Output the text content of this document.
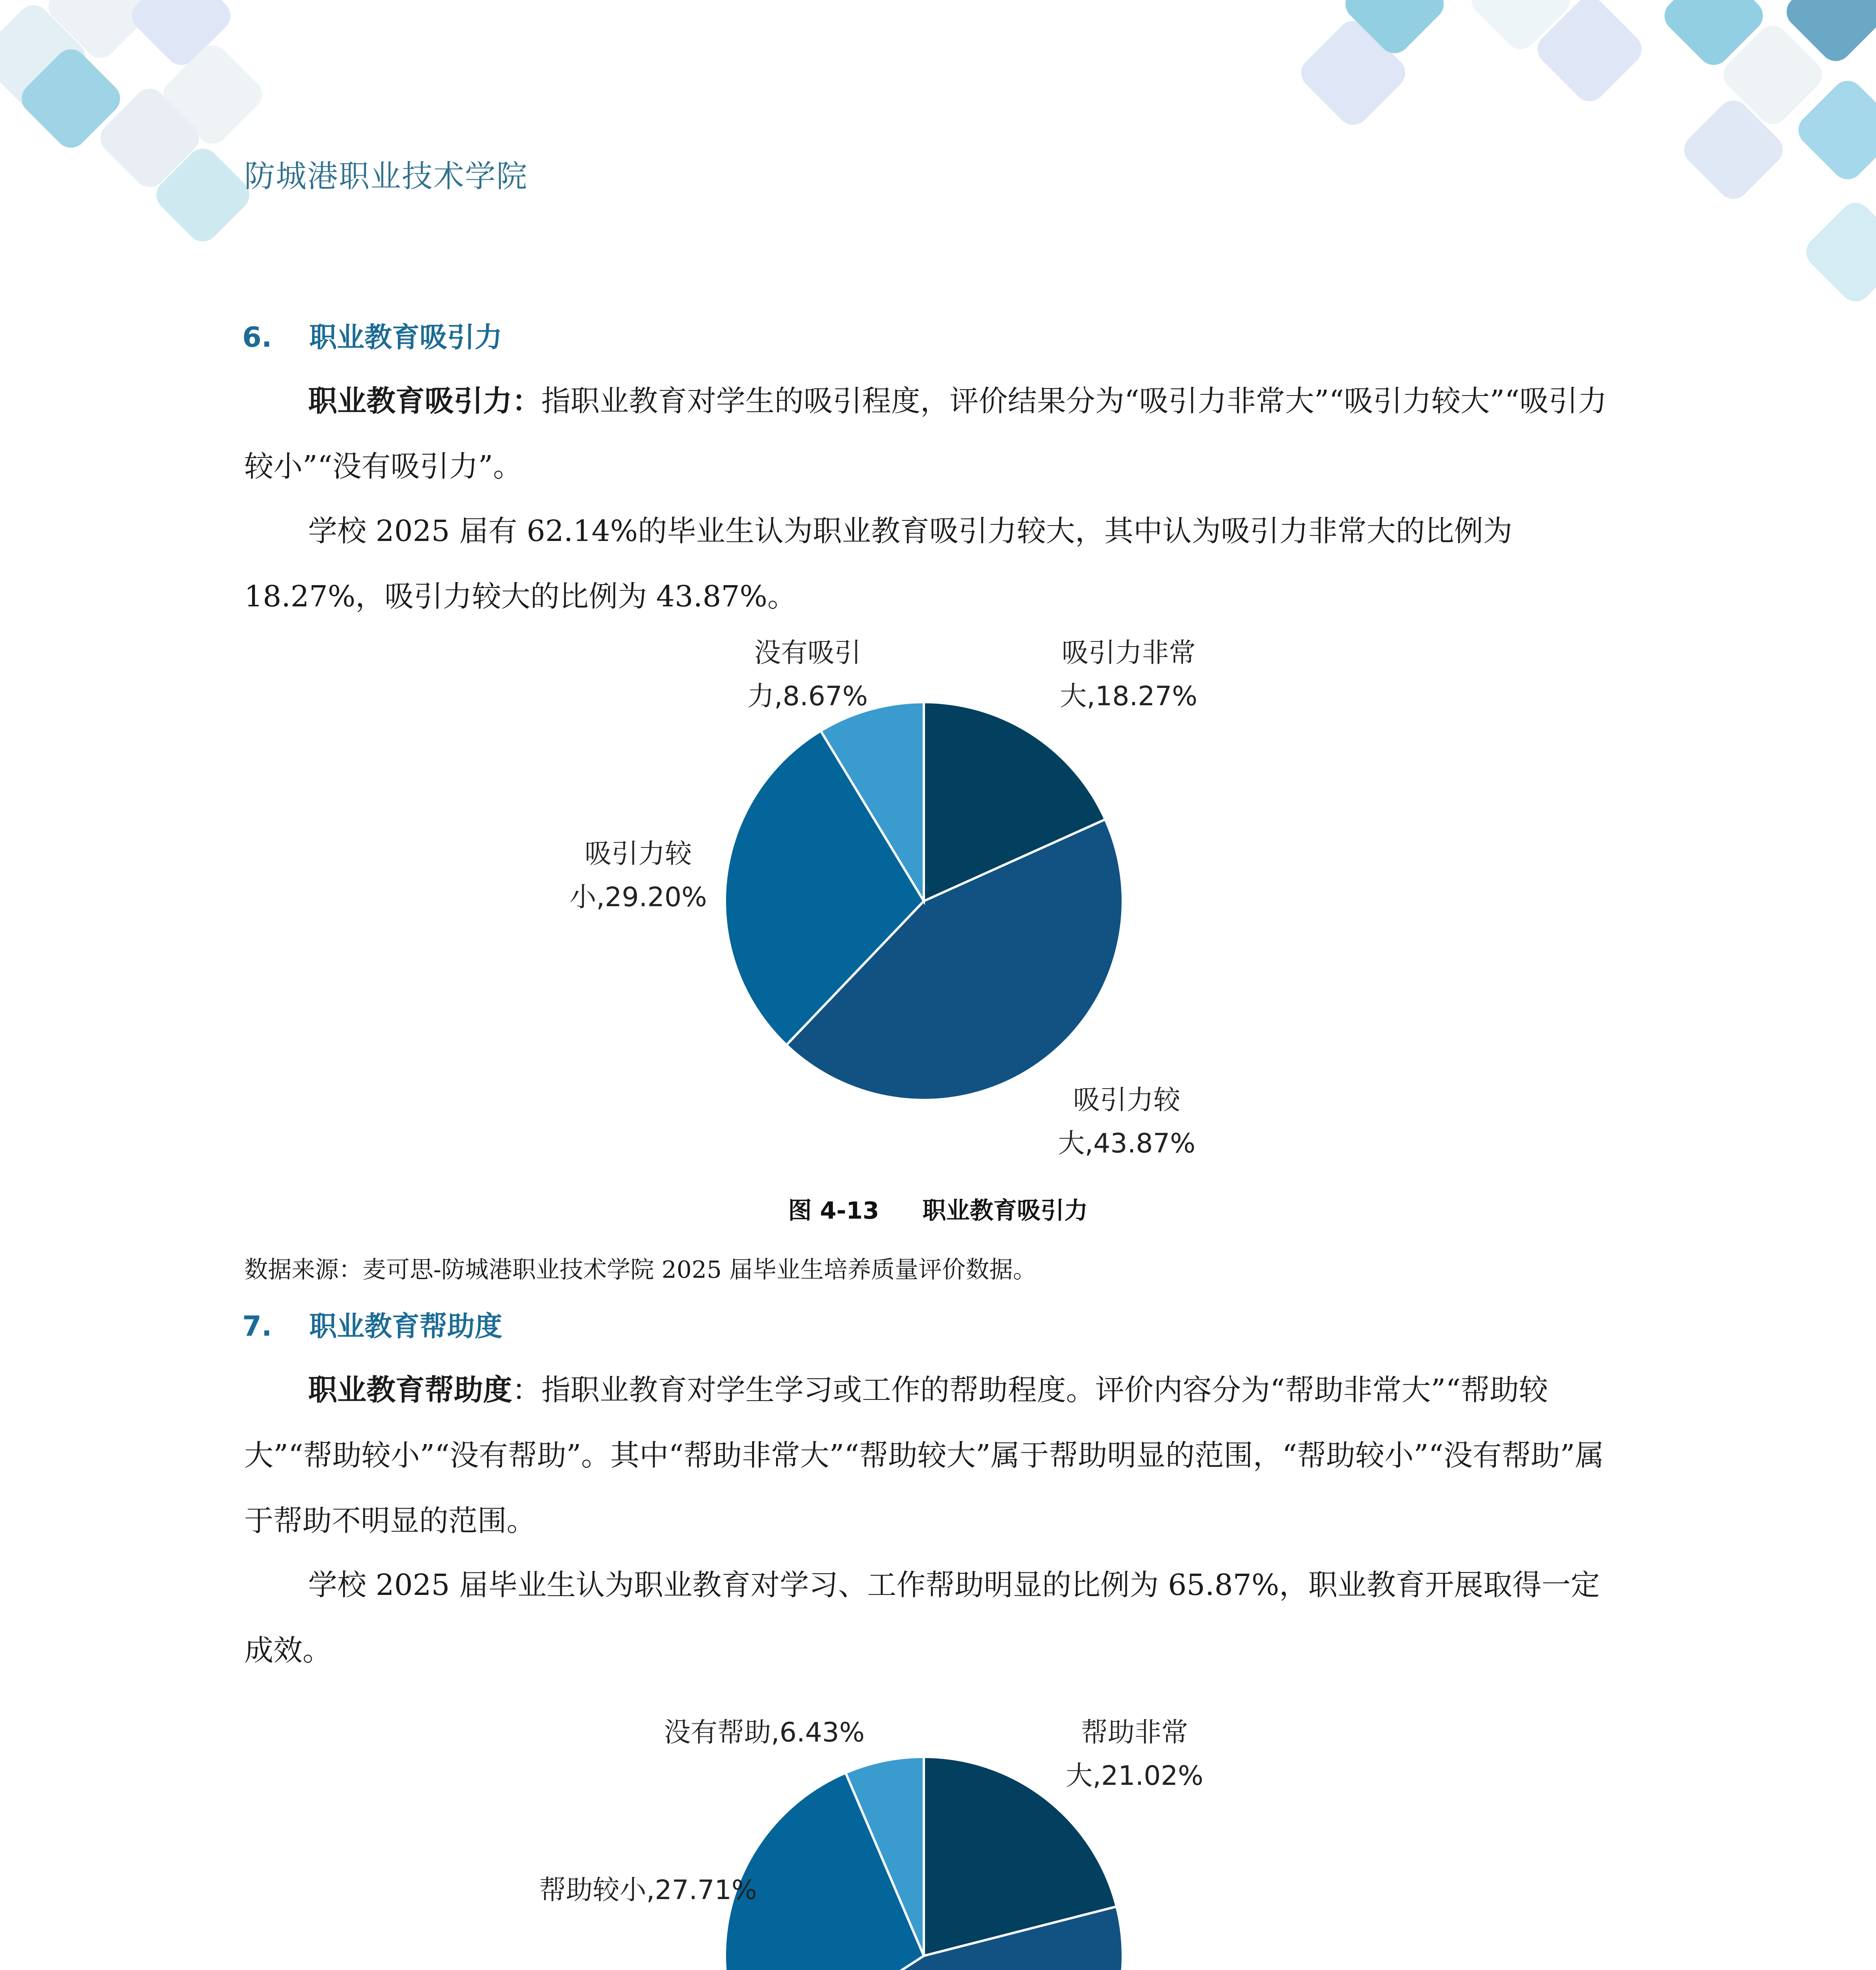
防城港职业技术学院
6. 职业教育吸引力

职业教育吸引力：指职业教育对学生的吸引程度，评价结果分为“吸引力非常大”“吸引力较大”“吸引力较小”“没有吸引力”。

学校 2025 届有 62.14%的毕业生认为职业教育吸引力较大，其中认为吸引力非常大的比例为 18.27%，吸引力较大的比例为 43.87%。

吸引力非常
大,18.27%
吸引力较
大,43.87%
吸引力较
小,29.20%
没有吸引
力,8.67%
图 4-13 职业教育吸引力
数据来源：麦可思-防城港职业技术学院 2025 届毕业生培养质量评价数据。
7. 职业教育帮助度

职业教育帮助度：指职业教育对学生学习或工作的帮助程度。评价内容分为“帮助非常大”“帮助较大”“帮助较小”“没有帮助”。其中“帮助非常大”“帮助较大”属于帮助明显的范围，“帮助较小”“没有帮助”属于帮助不明显的范围。

学校 2025 届毕业生认为职业教育对学习、工作帮助明显的比例为 65.87%，职业教育开展取得一定成效。

帮助非常
大,21.02%
帮助较小,27.71%
没有帮助,6.43%
